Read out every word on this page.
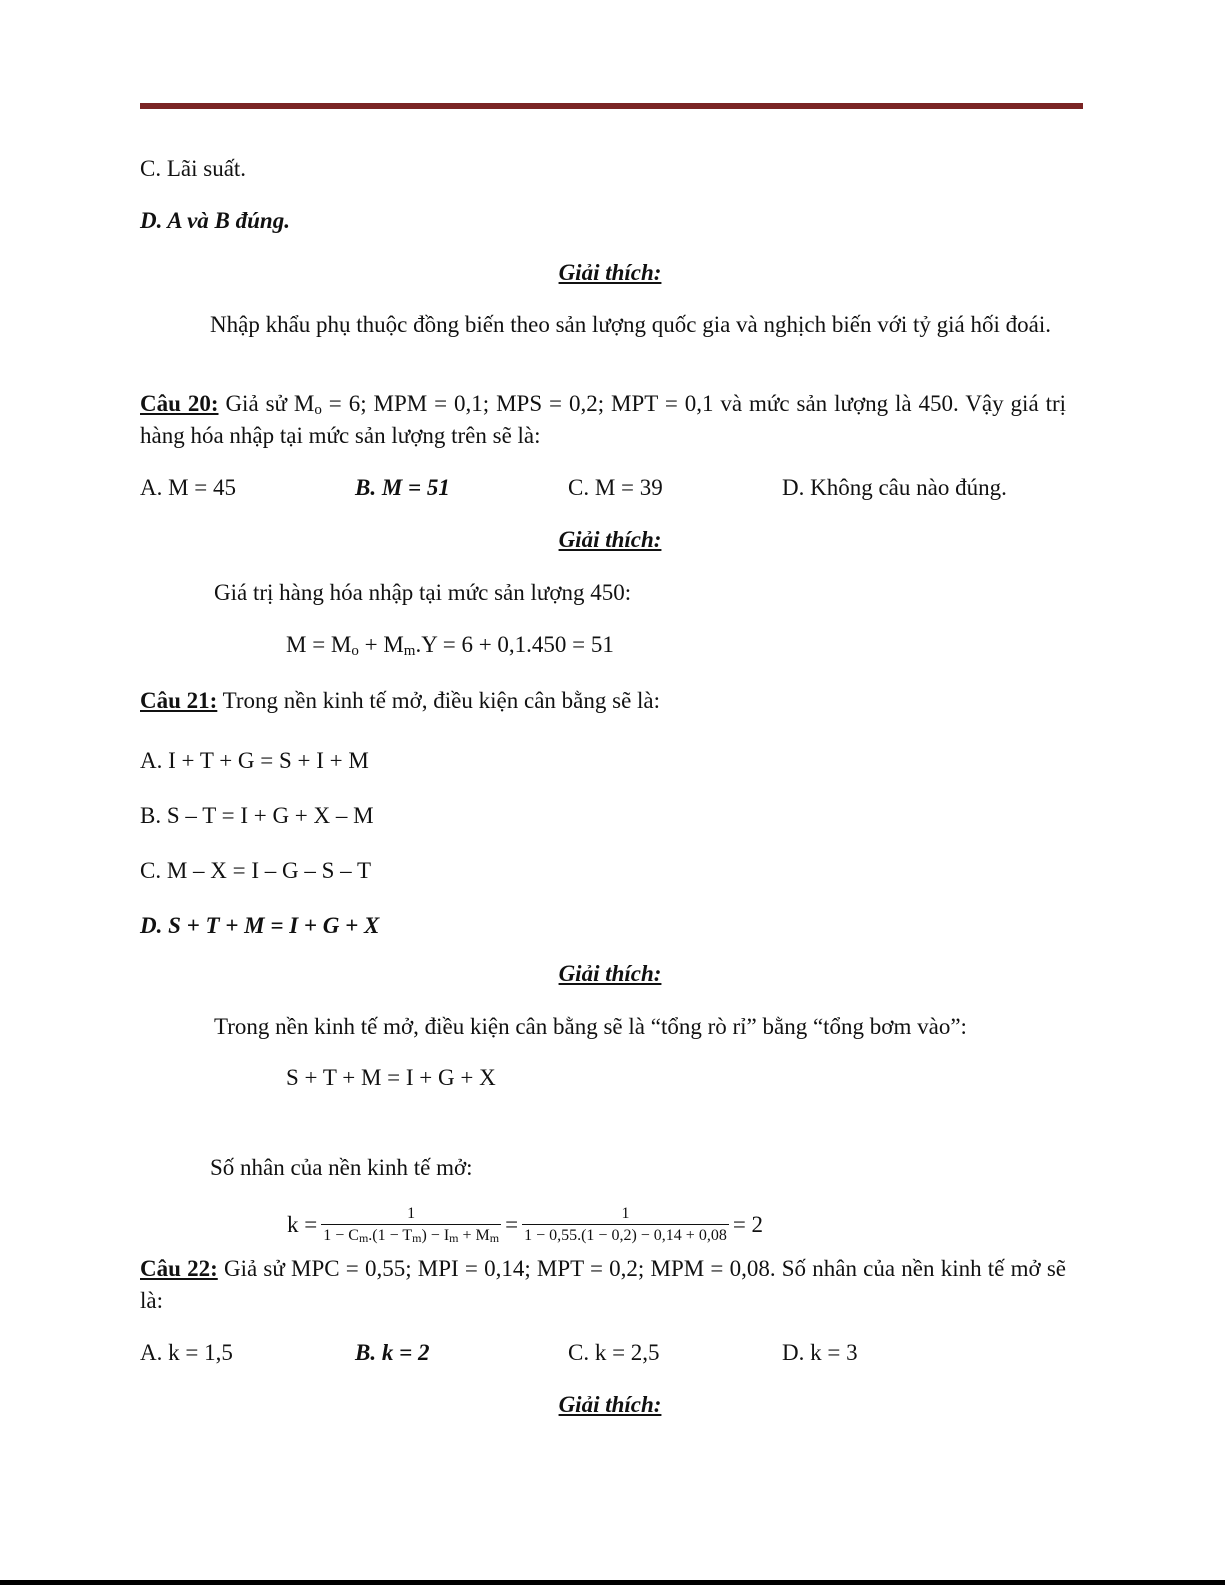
C. Lãi suất.
D. A và B đúng.
Giải thích:
Nhập khẩu phụ thuộc đồng biến theo sản lượng quốc gia và nghịch biến với tỷ giá hối đoái.
Câu 20: Giả sử $M_o = 6$; MPM = 0,1; MPS = 0,2; MPT = 0,1 và mức sản lượng là 450. Vậy giá trị hàng hóa nhập tại mức sản lượng trên sẽ là:
A. M = 45	B. M = 51	C. M = 39	D. Không câu nào đúng.
Giải thích:
Giá trị hàng hóa nhập tại mức sản lượng 450:
$M = M_o + M_m.Y = 6 + 0,1.450 = 51$
Câu 21: Trong nền kinh tế mở, điều kiện cân bằng sẽ là:
A. I + T + G = S + I + M
B. S – T = I + G + X – M
C. M – X = I – G – S – T
D. S + T + M = I + G + X
Giải thích:
Trong nền kinh tế mở, điều kiện cân bằng sẽ là “tổng rò rỉ” bằng “tổng bơm vào”:
S + T + M = I + G + X
Số nhân của nền kinh tế mở:
$k = \frac{1}{1 - C_m.(1 - T_m) - I_m + M_m} = \frac{1}{1 - 0,55.(1 - 0,2) - 0,14 + 0,08} = 2$
Câu 22: Giả sử MPC = 0,55; MPI = 0,14; MPT = 0,2; MPM = 0,08. Số nhân của nền kinh tế mở sẽ là:
A. k = 1,5	B. k = 2	C. k = 2,5	D. k = 3
Giải thích:
